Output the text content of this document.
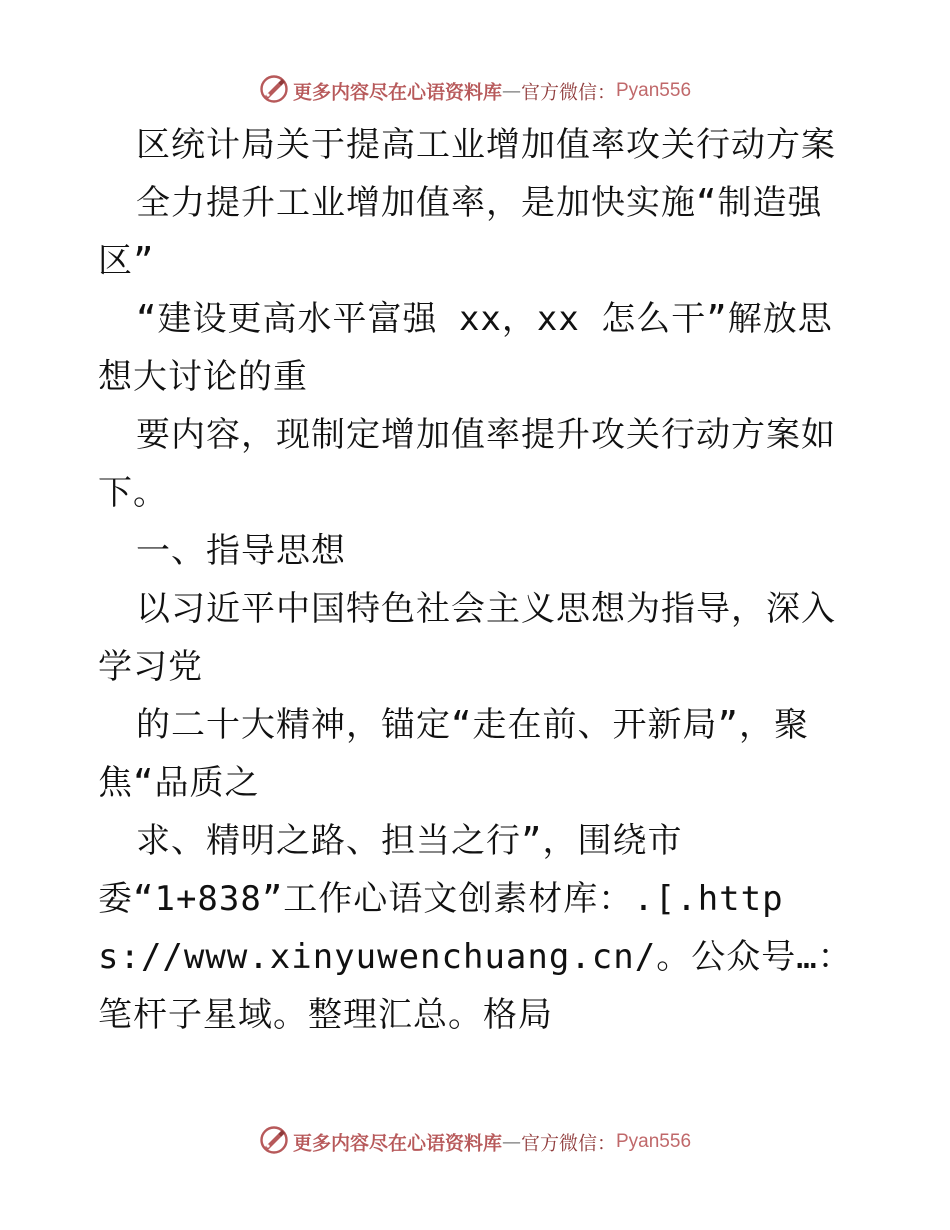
更多内容尽在心语资料库—官方微信：Pyan556

区统计局关于提高工业增加值率攻关行动方案

全力提升工业增加值率，是加快实施“制造强区”

“建设更高水平富强 xx，xx 怎么干”解放思想大讨论的重

要内容，现制定增加值率提升攻关行动方案如下。

一、指导思想

以习近平中国特色社会主义思想为指导，深入学习党

的二十大精神，锚定“走在前、开新局”，聚焦“品质之

求、精明之路、担当之行”，围绕市

委“1+838”工作心语文创素材库：.[.https://www.xinyuwenchuang.cn/。公众号…：笔杆子星域。整理汇总。格局

更多内容尽在心语资料库—官方微信：Pyan556
